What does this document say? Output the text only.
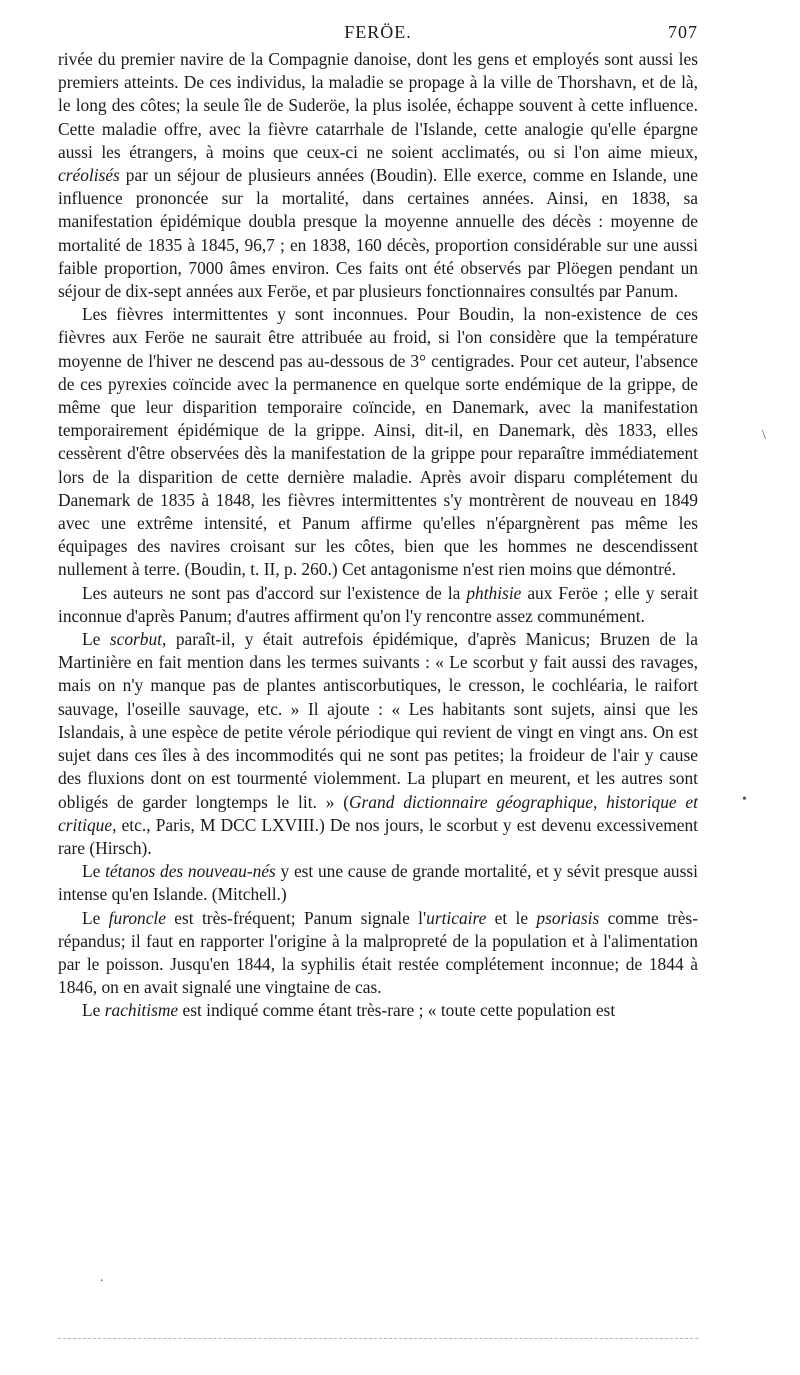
FERÖE.	707

rivée du premier navire de la Compagnie danoise, dont les gens et employés sont aussi les premiers atteints. De ces individus, la maladie se propage à la ville de Thorshavn, et de là, le long des côtes; la seule île de Suderöe, la plus isolée, échappe souvent à cette influence. Cette maladie offre, avec la fièvre catarrhale de l'Islande, cette analogie qu'elle épargne aussi les étrangers, à moins que ceux-ci ne soient acclimatés, ou si l'on aime mieux, créolisés par un séjour de plusieurs années (Boudin). Elle exerce, comme en Islande, une influence prononcée sur la mortalité, dans certaines années. Ainsi, en 1838, sa manifestation épidémique doubla presque la moyenne annuelle des décès : moyenne de mortalité de 1835 à 1845, 96,7 ; en 1838, 160 décès, proportion considérable sur une aussi faible proportion, 7000 âmes environ. Ces faits ont été observés par Plöegen pendant un séjour de dix-sept années aux Feröe, et par plusieurs fonctionnaires consultés par Panum.

Les fièvres intermittentes y sont inconnues. Pour Boudin, la non-existence de ces fièvres aux Feröe ne saurait être attribuée au froid, si l'on considère que la température moyenne de l'hiver ne descend pas au-dessous de 3° centigrades. Pour cet auteur, l'absence de ces pyrexies coïncide avec la permanence en quelque sorte endémique de la grippe, de même que leur disparition temporaire coïncide, en Danemark, avec la manifestation temporairement épidémique de la grippe. Ainsi, dit-il, en Danemark, dès 1833, elles cessèrent d'être observées dès la manifestation de la grippe pour reparaître immédiatement lors de la disparition de cette dernière maladie. Après avoir disparu complétement du Danemark de 1835 à 1848, les fièvres intermittentes s'y montrèrent de nouveau en 1849 avec une extrême intensité, et Panum affirme qu'elles n'épargnèrent pas même les équipages des navires croisant sur les côtes, bien que les hommes ne descendissent nullement à terre. (Boudin, t. II, p. 260.) Cet antagonisme n'est rien moins que démontré.

Les auteurs ne sont pas d'accord sur l'existence de la phthisie aux Feröe ; elle y serait inconnue d'après Panum; d'autres affirment qu'on l'y rencontre assez communément.

Le scorbut, paraît-il, y était autrefois épidémique, d'après Manicus; Bruzen de la Martinière en fait mention dans les termes suivants : « Le scorbut y fait aussi des ravages, mais on n'y manque pas de plantes antiscorbutiques, le cresson, le cochléaria, le raifort sauvage, l'oseille sauvage, etc. » Il ajoute : « Les habitants sont sujets, ainsi que les Islandais, à une espèce de petite vérole périodique qui revient de vingt en vingt ans. On est sujet dans ces îles à des incommodités qui ne sont pas petites; la froideur de l'air y cause des fluxions dont on est tourmenté violemment. La plupart en meurent, et les autres sont obligés de garder longtemps le lit. » (Grand dictionnaire géographique, historique et critique, etc., Paris, M DCC LXVIII.) De nos jours, le scorbut y est devenu excessivement rare (Hirsch).

Le tétanos des nouveau-nés y est une cause de grande mortalité, et y sévit presque aussi intense qu'en Islande. (Mitchell.)

Le furoncle est très-fréquent; Panum signale l'urticaire et le psoriasis comme très-répandus; il faut en rapporter l'origine à la malpropreté de la population et à l'alimentation par le poisson. Jusqu'en 1844, la syphilis était restée complétement inconnue; de 1844 à 1846, on en avait signalé une vingtaine de cas.

Le rachitisme est indiqué comme étant très-rare ; « toute cette population est

\
•
.
